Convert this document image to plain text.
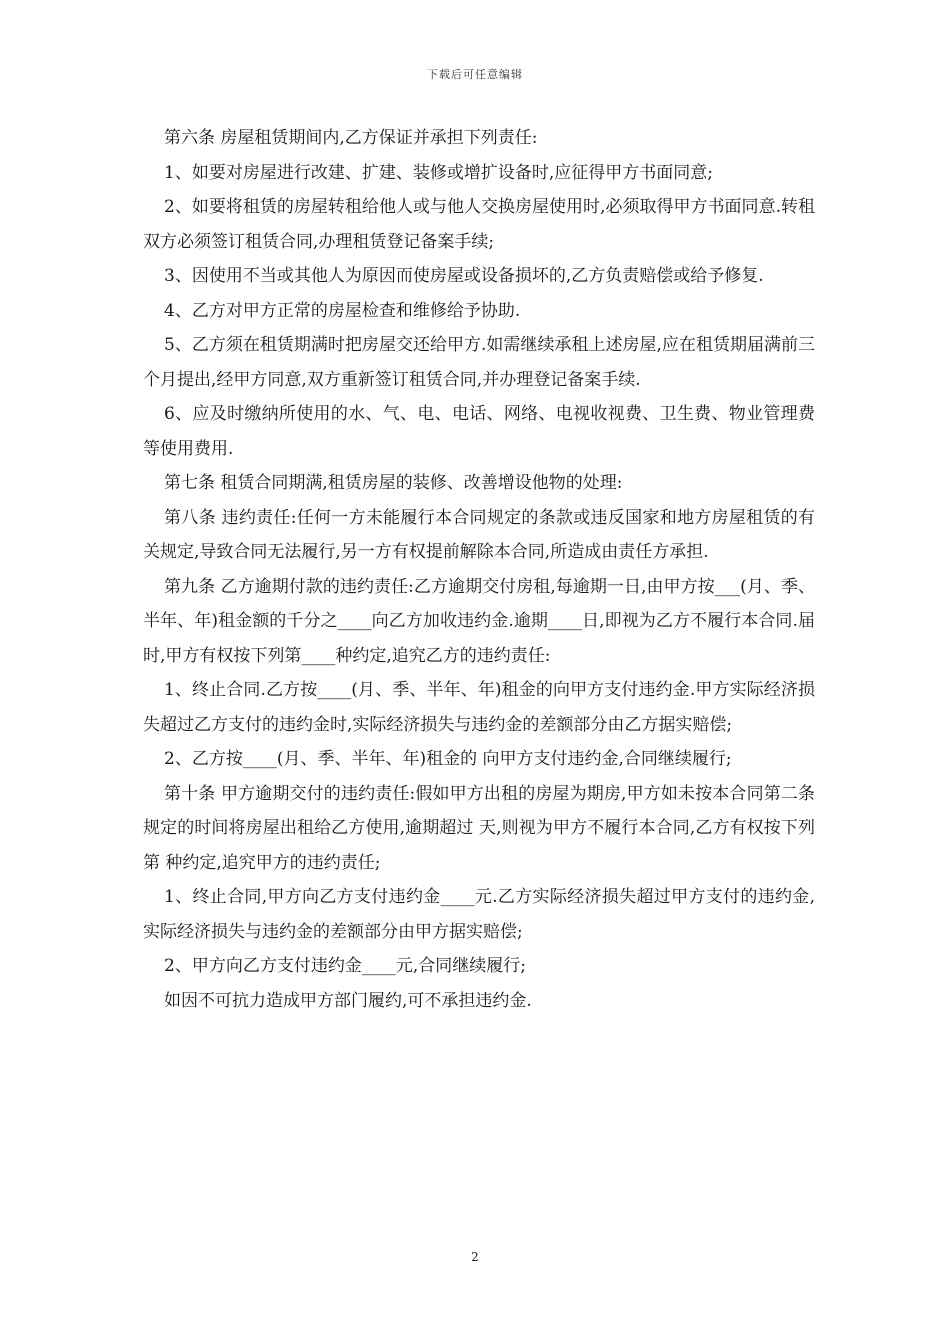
下载后可任意编辑

第六条 房屋租赁期间内,乙方保证并承担下列责任:

1、如要对房屋进行改建、扩建、装修或增扩设备时,应征得甲方书面同意;

2、如要将租赁的房屋转租给他人或与他人交换房屋使用时,必须取得甲方书面同意.转租双方必须签订租赁合同,办理租赁登记备案手续;

3、因使用不当或其他人为原因而使房屋或设备损坏的,乙方负责赔偿或给予修复.

4、乙方对甲方正常的房屋检查和维修给予协助.

5、乙方须在租赁期满时把房屋交还给甲方.如需继续承租上述房屋,应在租赁期届满前三个月提出,经甲方同意,双方重新签订租赁合同,并办理登记备案手续.

6、应及时缴纳所使用的水、气、电、电话、网络、电视收视费、卫生费、物业管理费等使用费用.

第七条 租赁合同期满,租赁房屋的装修、改善增设他物的处理:

第八条 违约责任:任何一方未能履行本合同规定的条款或违反国家和地方房屋租赁的有关规定,导致合同无法履行,另一方有权提前解除本合同,所造成由责任方承担.

第九条 乙方逾期付款的违约责任:乙方逾期交付房租,每逾期一日,由甲方按___(月、季、半年、年)租金额的千分之____向乙方加收违约金.逾期____日,即视为乙方不履行本合同.届时,甲方有权按下列第____种约定,追究乙方的违约责任:

1、终止合同.乙方按____(月、季、半年、年)租金的向甲方支付违约金.甲方实际经济损失超过乙方支付的违约金时,实际经济损失与违约金的差额部分由乙方据实赔偿;

2、乙方按____(月、季、半年、年)租金的 向甲方支付违约金,合同继续履行;

第十条 甲方逾期交付的违约责任:假如甲方出租的房屋为期房,甲方如未按本合同第二条规定的时间将房屋出租给乙方使用,逾期超过 天,则视为甲方不履行本合同,乙方有权按下列第 种约定,追究甲方的违约责任;

1、终止合同,甲方向乙方支付违约金____元.乙方实际经济损失超过甲方支付的违约金,实际经济损失与违约金的差额部分由甲方据实赔偿;

2、甲方向乙方支付违约金____元,合同继续履行;

如因不可抗力造成甲方部门履约,可不承担违约金.

2
